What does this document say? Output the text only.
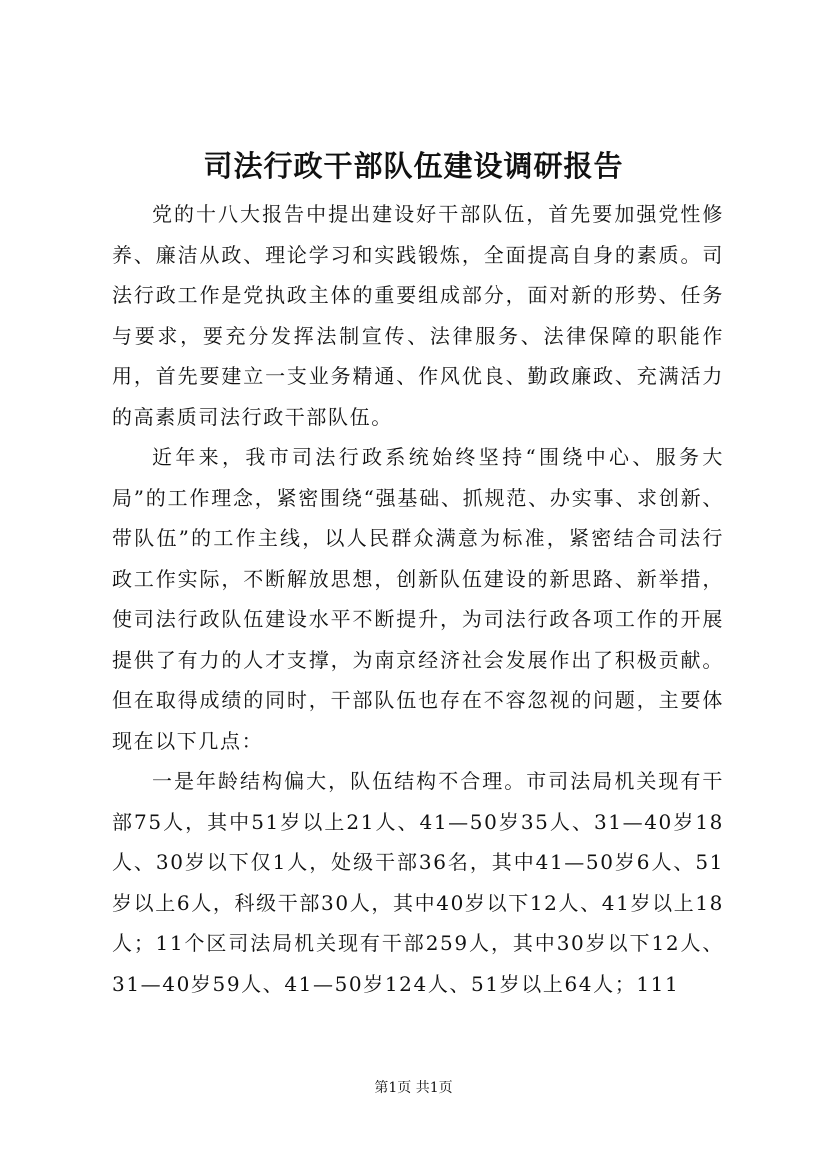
司法行政干部队伍建设调研报告

党的十八大报告中提出建设好干部队伍，首先要加强党性修养、廉洁从政、理论学习和实践锻炼，全面提高自身的素质。司法行政工作是党执政主体的重要组成部分，面对新的形势、任务与要求，要充分发挥法制宣传、法律服务、法律保障的职能作用，首先要建立一支业务精通、作风优良、勤政廉政、充满活力的高素质司法行政干部队伍。

近年来，我市司法行政系统始终坚持“围绕中心、服务大局”的工作理念，紧密围绕“强基础、抓规范、办实事、求创新、带队伍”的工作主线，以人民群众满意为标准，紧密结合司法行政工作实际，不断解放思想，创新队伍建设的新思路、新举措，使司法行政队伍建设水平不断提升，为司法行政各项工作的开展提供了有力的人才支撑，为南京经济社会发展作出了积极贡献。但在取得成绩的同时，干部队伍也存在不容忽视的问题，主要体现在以下几点：

一是年龄结构偏大，队伍结构不合理。市司法局机关现有干部75人，其中51岁以上21人、41—50岁35人、31—40岁18人、30岁以下仅1人，处级干部36名，其中41—50岁6人、51岁以上6人，科级干部30人，其中40岁以下12人、41岁以上18人；11个区司法局机关现有干部259人，其中30岁以下12人、31—40岁59人、41—50岁124人、51岁以上64人；111

第1页 共1页
